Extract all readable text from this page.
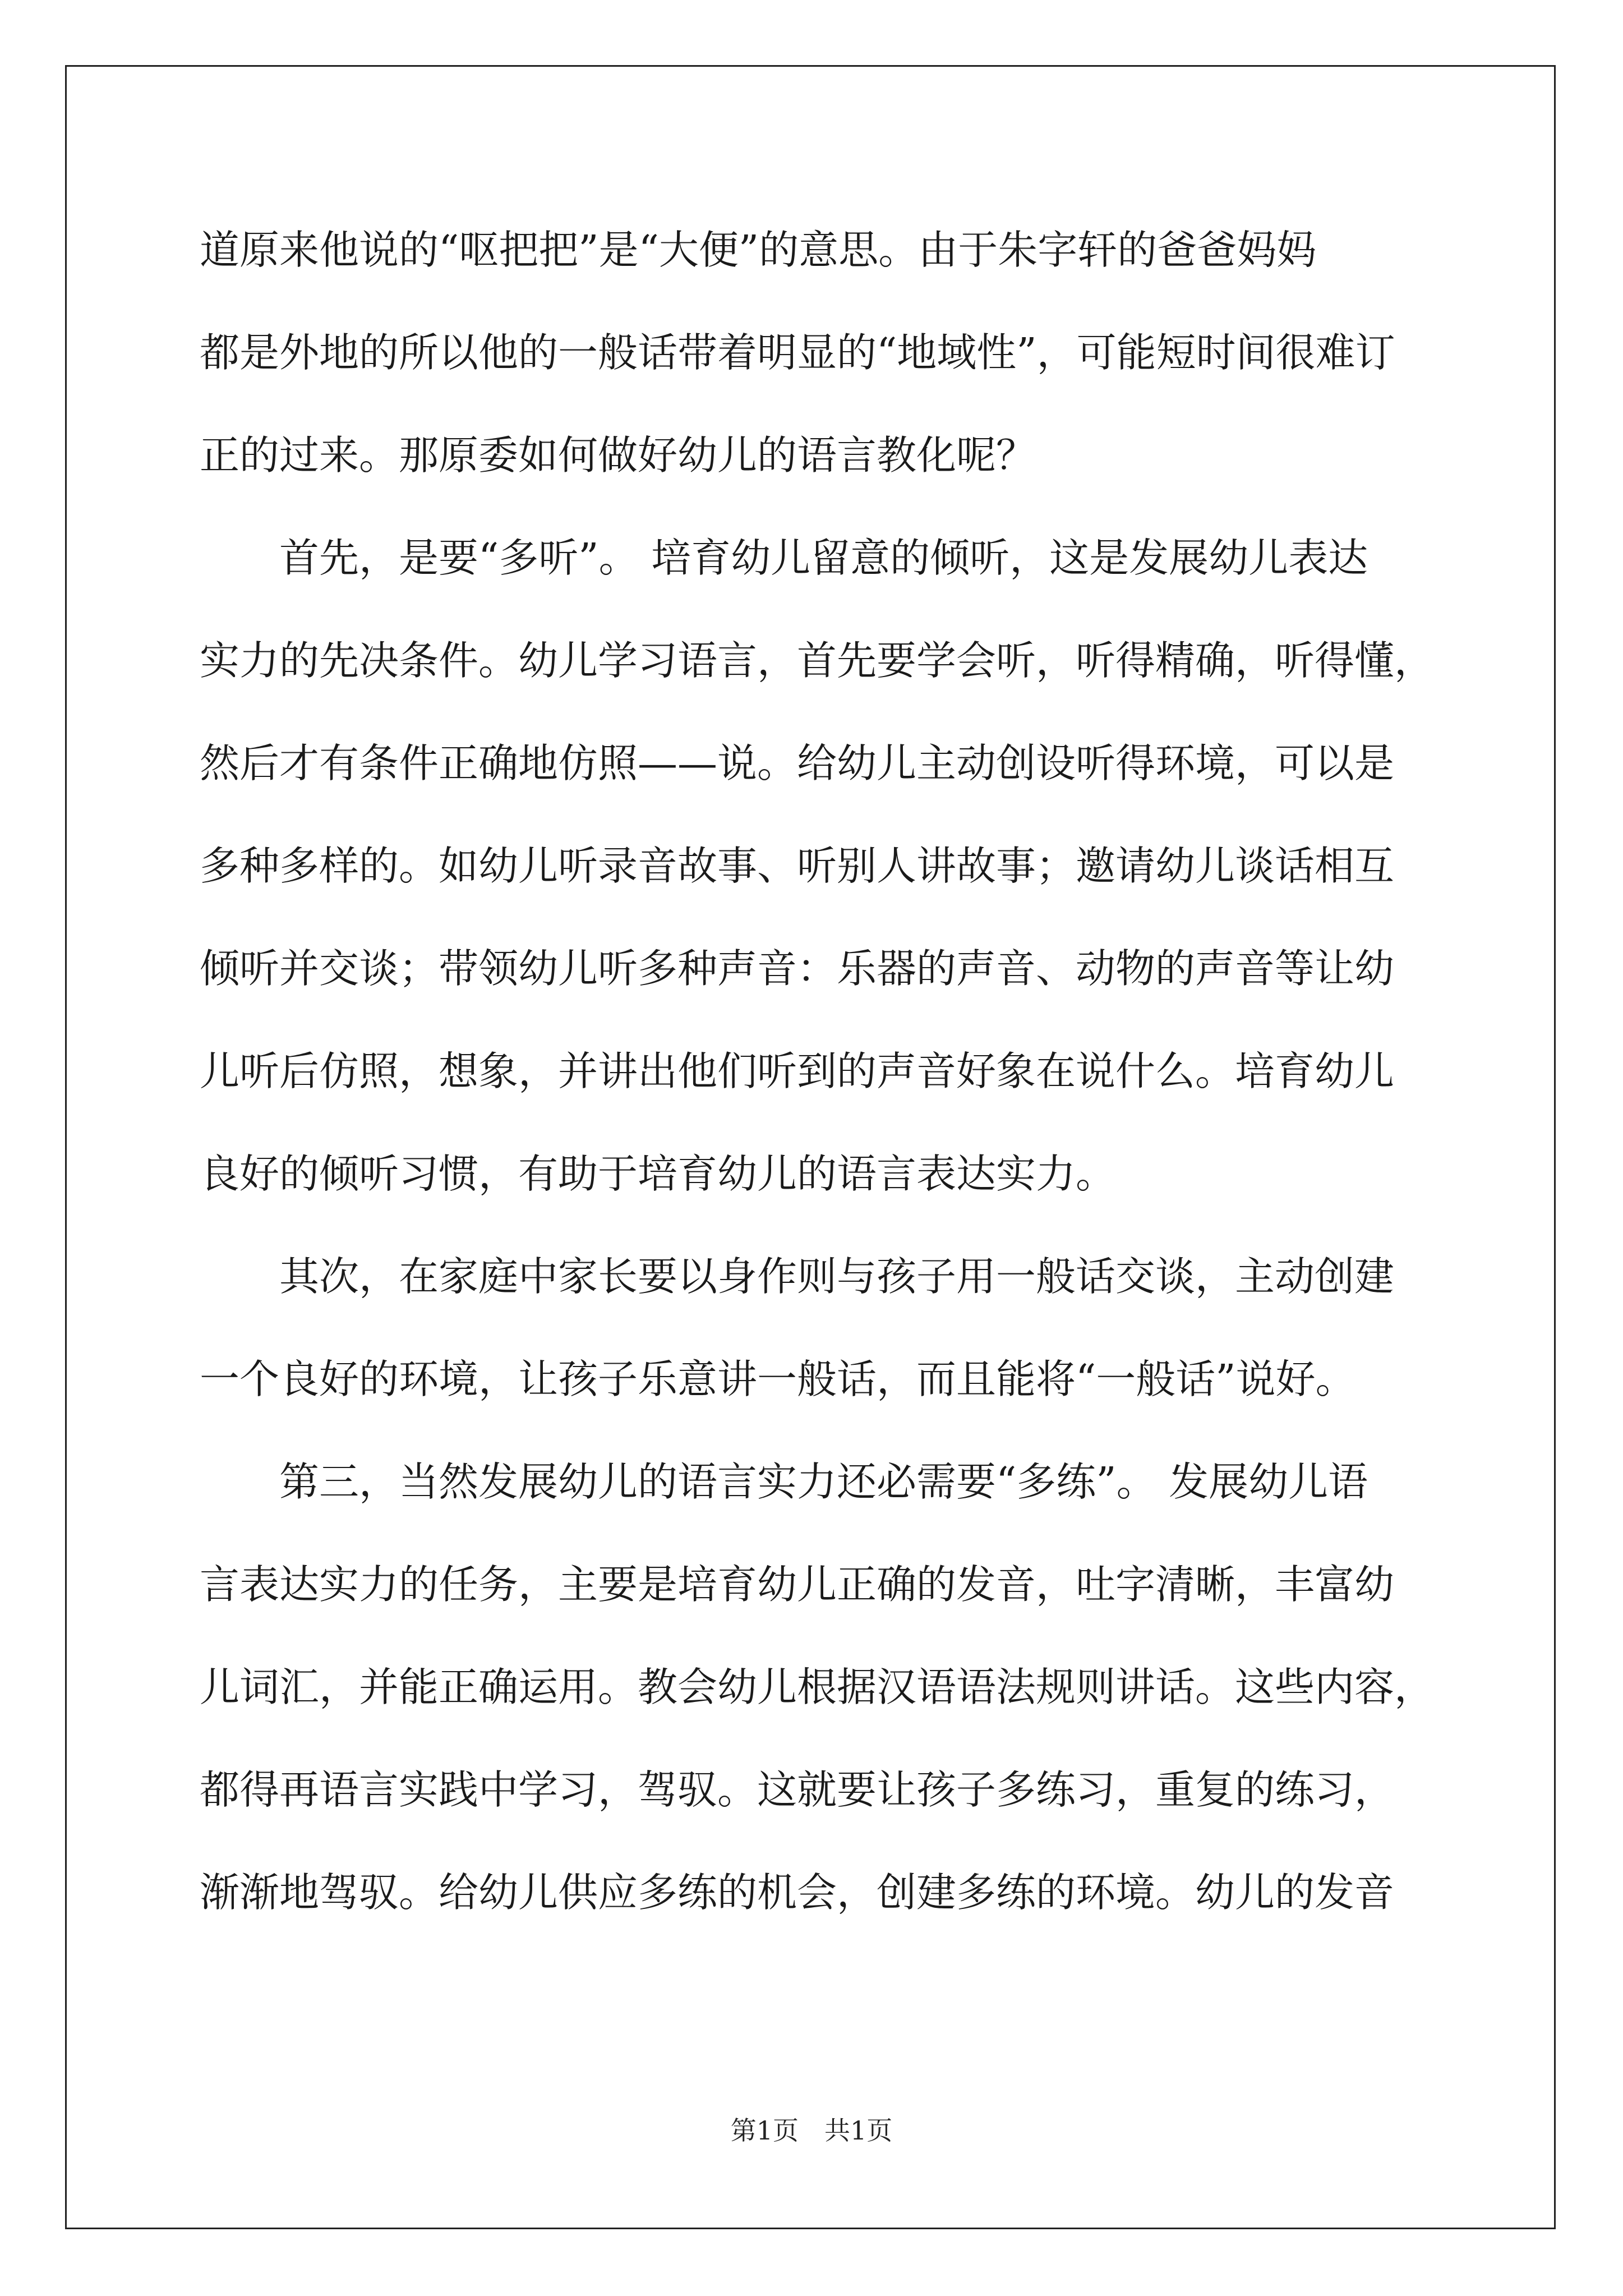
道原来他说的“呕把把”是“大便”的意思。由于朱字轩的爸爸妈妈
都是外地的所以他的一般话带着明显的“地域性”，可能短时间很难订
正的过来。那原委如何做好幼儿的语言教化呢？
　　首先，是要“多听”。 培育幼儿留意的倾听，这是发展幼儿表达
实力的先决条件。幼儿学习语言，首先要学会听，听得精确，听得懂，
然后才有条件正确地仿照——说。给幼儿主动创设听得环境，可以是
多种多样的。如幼儿听录音故事、听别人讲故事；邀请幼儿谈话相互
倾听并交谈；带领幼儿听多种声音：乐器的声音、动物的声音等让幼
儿听后仿照，想象，并讲出他们听到的声音好象在说什么。培育幼儿
良好的倾听习惯，有助于培育幼儿的语言表达实力。
　　其次，在家庭中家长要以身作则与孩子用一般话交谈，主动创建
一个良好的环境，让孩子乐意讲一般话，而且能将“一般话”说好。
　　第三，当然发展幼儿的语言实力还必需要“多练”。 发展幼儿语
言表达实力的任务，主要是培育幼儿正确的发音，吐字清晰，丰富幼
儿词汇，并能正确运用。教会幼儿根据汉语语法规则讲话。这些内容，
都得再语言实践中学习，驾驭。这就要让孩子多练习，重复的练习，
渐渐地驾驭。给幼儿供应多练的机会，创建多练的环境。幼儿的发音
第1页　共1页
